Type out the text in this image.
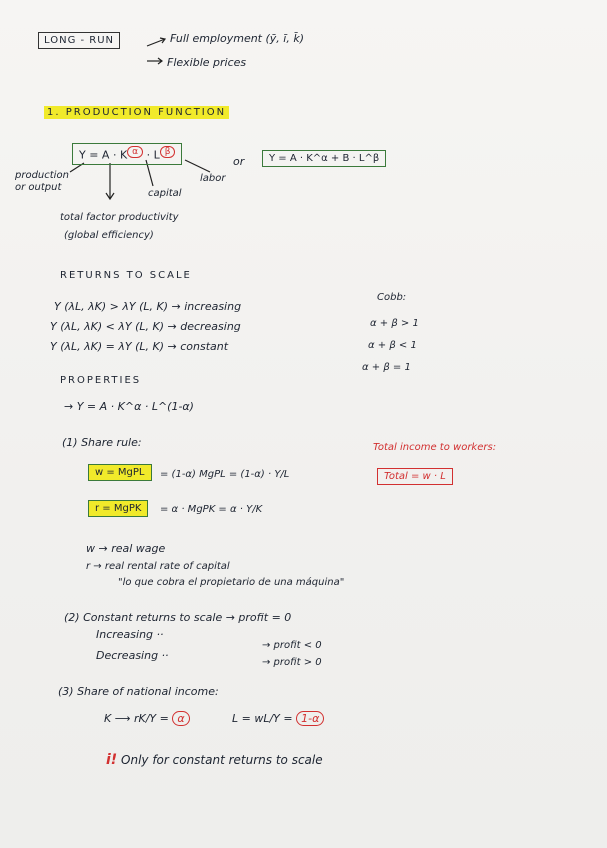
LONG - RUN	Full employment (ȳ, ī, k̄)
Flexible prices
1. PRODUCTION FUNCTION
Y = A · K $^\alpha$ · L $^\beta$
or	Y = A · K^α + B · L^β
production
or output
labor
capital
total factor productivity
(global efficiency)
RETURNS TO SCALE
Y (λL, λK) > λY (L, K) → increasing
Y (λL, λK) < λY (L, K) → decreasing
Y (λL, λK) = λY (L, K) → constant
Cobb:
α + β > 1
α + β < 1
α + β = 1
PROPERTIES
→ Y = A · K^α · L^(1-α)
(1) Share rule:
w = MgPL	= (1-α) MgPL = (1-α) · Y/L
r = MgPK	= α · MgPK = α · Y/K
Total income to workers:
Total = w · L
w → real wage
r → real rental rate of capital
"lo que cobra el propietario de una máquina"
(2) Constant returns to scale → profit = 0
Increasing ··
→ profit < 0
Decreasing ··
→ profit > 0
(3) Share of national income:
K ⟶ rK/Y = α	L = wL/Y = 1-α
i! Only for constant returns to scale
